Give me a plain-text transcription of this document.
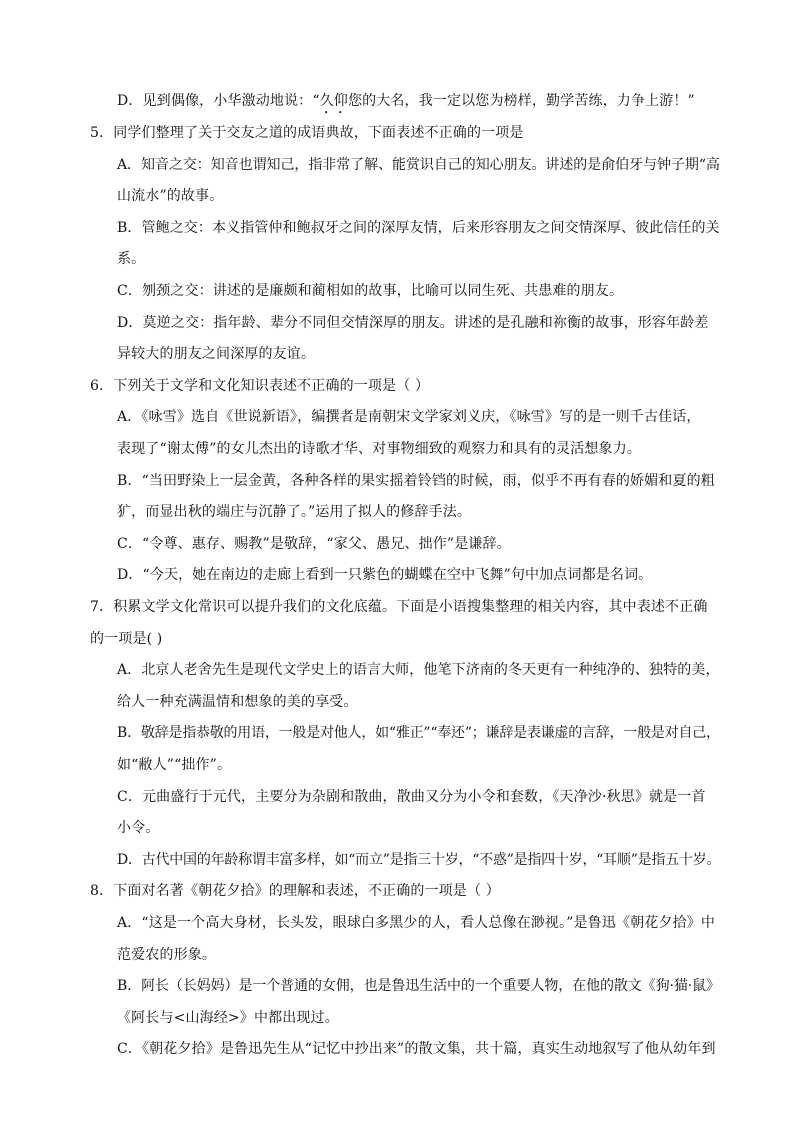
D．见到偶像，小华激动地说：“久仰您的大名，我一定以您为榜样，勤学苦练，力争上游！”
5．同学们整理了关于交友之道的成语典故，下面表述不正确的一项是
A．知音之交：知音也谓知己，指非常了解、能赏识自己的知心朋友。讲述的是俞伯牙与钟子期“高
山流水”的故事。
B．管鲍之交：本义指管仲和鲍叔牙之间的深厚友情，后来形容朋友之间交情深厚、彼此信任的关
系。
C．刎颈之交：讲述的是廉颇和蔺相如的故事，比喻可以同生死、共患难的朋友。
D．莫逆之交：指年龄、辈分不同但交情深厚的朋友。讲述的是孔融和祢衡的故事，形容年龄差
异较大的朋友之间深厚的友谊。
6．下列关于文学和文化知识表述不正确的一项是（ ）
A．《咏雪》选自《世说新语》，编撰者是南朝宋文学家刘义庆，《咏雪》写的是一则千古佳话，
表现了“谢太傅”的女儿杰出的诗歌才华、对事物细致的观察力和具有的灵活想象力。
B．“当田野染上一层金黄，各种各样的果实摇着铃铛的时候，雨，似乎不再有春的娇媚和夏的粗
犷，而显出秋的端庄与沉静了。”运用了拟人的修辞手法。
C．“令尊、惠存、赐教”是敬辞，“家父、愚兄、拙作”是谦辞。
D．“今天，她在南边的走廊上看到一只紫色的蝴蝶在空中飞舞”句中加点词都是名词。
7．积累文学文化常识可以提升我们的文化底蕴。下面是小语搜集整理的相关内容，其中表述不正确
的一项是( )
A．北京人老舍先生是现代文学史上的语言大师，他笔下济南的冬天更有一种纯净的、独特的美，
给人一种充满温情和想象的美的享受。
B．敬辞是指恭敬的用语，一般是对他人，如“雅正”“奉还”；谦辞是表谦虚的言辞，一般是对自己，
如“敝人”“拙作”。
C．元曲盛行于元代，主要分为杂剧和散曲，散曲又分为小令和套数，《天净沙·秋思》就是一首
小令。
D．古代中国的年龄称谓丰富多样，如“而立”是指三十岁，“不惑”是指四十岁，“耳顺”是指五十岁。
8．下面对名著《朝花夕拾》的理解和表述，不正确的一项是（ ）
A．“这是一个高大身材，长头发，眼球白多黑少的人，看人总像在渺视。”是鲁迅《朝花夕拾》中
范爱农的形象。
B．阿长（长妈妈）是一个普通的女佣，也是鲁迅生活中的一个重要人物，在他的散文《狗·猫·鼠》
《阿长与<山海经>》中都出现过。
C．《朝花夕拾》是鲁迅先生从“记忆中抄出来”的散文集，共十篇，真实生动地叙写了他从幼年到
